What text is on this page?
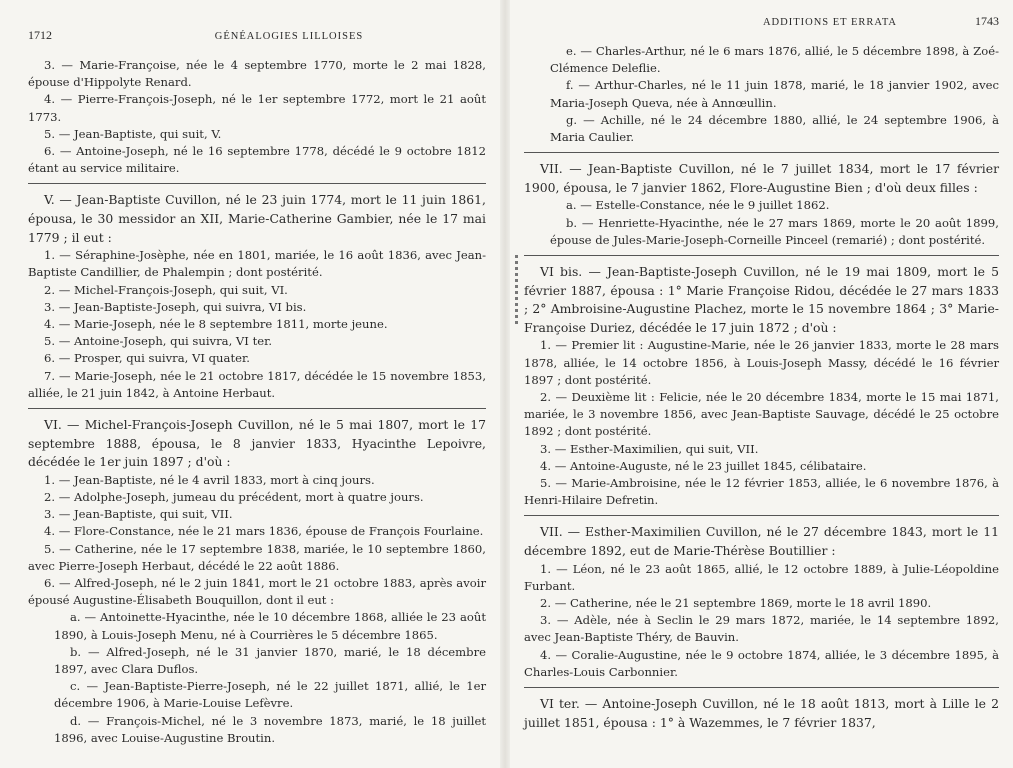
1712	GÉNÉALOGIES LILLOISES

3. — Marie-Françoise, née le 4 septembre 1770, morte le 2 mai 1828, épouse d'Hippolyte Renard.

4. — Pierre-François-Joseph, né le 1er septembre 1772, mort le 21 août 1773.

5. — Jean-Baptiste, qui suit, V.

6. — Antoine-Joseph, né le 16 septembre 1778, décédé le 9 octobre 1812 étant au service militaire.

V. — Jean-Baptiste Cuvillon, né le 23 juin 1774, mort le 11 juin 1861, épousa, le 30 messidor an XII, Marie-Catherine Gambier, née le 17 mai 1779 ; il eut :

1. — Séraphine-Josèphe, née en 1801, mariée, le 16 août 1836, avec Jean-Baptiste Candillier, de Phalempin ; dont postérité.

2. — Michel-François-Joseph, qui suit, VI.

3. — Jean-Baptiste-Joseph, qui suivra, VI bis.

4. — Marie-Joseph, née le 8 septembre 1811, morte jeune.

5. — Antoine-Joseph, qui suivra, VI ter.

6. — Prosper, qui suivra, VI quater.

7. — Marie-Joseph, née le 21 octobre 1817, décédée le 15 novembre 1853, alliée, le 21 juin 1842, à Antoine Herbaut.

VI. — Michel-François-Joseph Cuvillon, né le 5 mai 1807, mort le 17 septembre 1888, épousa, le 8 janvier 1833, Hyacinthe Lepoivre, décédée le 1er juin 1897 ; d'où :

1. — Jean-Baptiste, né le 4 avril 1833, mort à cinq jours.

2. — Adolphe-Joseph, jumeau du précédent, mort à quatre jours.

3. — Jean-Baptiste, qui suit, VII.

4. — Flore-Constance, née le 21 mars 1836, épouse de François Fourlaine.

5. — Catherine, née le 17 septembre 1838, mariée, le 10 septembre 1860, avec Pierre-Joseph Herbaut, décédé le 22 août 1886.

6. — Alfred-Joseph, né le 2 juin 1841, mort le 21 octobre 1883, après avoir épousé Augustine-Élisabeth Bouquillon, dont il eut :

a. — Antoinette-Hyacinthe, née le 10 décembre 1868, alliée le 23 août 1890, à Louis-Joseph Menu, né à Courrières le 5 décembre 1865.

b. — Alfred-Joseph, né le 31 janvier 1870, marié, le 18 décembre 1897, avec Clara Duflos.

c. — Jean-Baptiste-Pierre-Joseph, né le 22 juillet 1871, allié, le 1er décembre 1906, à Marie-Louise Lefèvre.

d. — François-Michel, né le 3 novembre 1873, marié, le 18 juillet 1896, avec Louise-Augustine Broutin.

ADDITIONS ET ERRATA	1743

e. — Charles-Arthur, né le 6 mars 1876, allié, le 5 décembre 1898, à Zoé-Clémence Deleflie.

f. — Arthur-Charles, né le 11 juin 1878, marié, le 18 janvier 1902, avec Maria-Joseph Queva, née à Annœullin.

g. — Achille, né le 24 décembre 1880, allié, le 24 septembre 1906, à Maria Caulier.

VII. — Jean-Baptiste Cuvillon, né le 7 juillet 1834, mort le 17 février 1900, épousa, le 7 janvier 1862, Flore-Augustine Bien ; d'où deux filles :

a. — Estelle-Constance, née le 9 juillet 1862.

b. — Henriette-Hyacinthe, née le 27 mars 1869, morte le 20 août 1899, épouse de Jules-Marie-Joseph-Corneille Pinceel (remarié) ; dont postérité.

VI bis. — Jean-Baptiste-Joseph Cuvillon, né le 19 mai 1809, mort le 5 février 1887, épousa : 1° Marie Françoise Ridou, décédée le 27 mars 1833 ; 2° Ambroisine-Augustine Plachez, morte le 15 novembre 1864 ; 3° Marie-Françoise Duriez, décédée le 17 juin 1872 ; d'où :

1. — Premier lit : Augustine-Marie, née le 26 janvier 1833, morte le 28 mars 1878, alliée, le 14 octobre 1856, à Louis-Joseph Massy, décédé le 16 février 1897 ; dont postérité.

2. — Deuxième lit : Felicie, née le 20 décembre 1834, morte le 15 mai 1871, mariée, le 3 novembre 1856, avec Jean-Baptiste Sauvage, décédé le 25 octobre 1892 ; dont postérité.

3. — Esther-Maximilien, qui suit, VII.

4. — Antoine-Auguste, né le 23 juillet 1845, célibataire.

5. — Marie-Ambroisine, née le 12 février 1853, alliée, le 6 novembre 1876, à Henri-Hilaire Defretin.

VII. — Esther-Maximilien Cuvillon, né le 27 décembre 1843, mort le 11 décembre 1892, eut de Marie-Thérèse Boutillier :

1. — Léon, né le 23 août 1865, allié, le 12 octobre 1889, à Julie-Léopoldine Furbant.

2. — Catherine, née le 21 septembre 1869, morte le 18 avril 1890.

3. — Adèle, née à Seclin le 29 mars 1872, mariée, le 14 septembre 1892, avec Jean-Baptiste Théry, de Bauvin.

4. — Coralie-Augustine, née le 9 octobre 1874, alliée, le 3 décembre 1895, à Charles-Louis Carbonnier.

VI ter. — Antoine-Joseph Cuvillon, né le 18 août 1813, mort à Lille le 2 juillet 1851, épousa : 1° à Wazemmes, le 7 février 1837,
